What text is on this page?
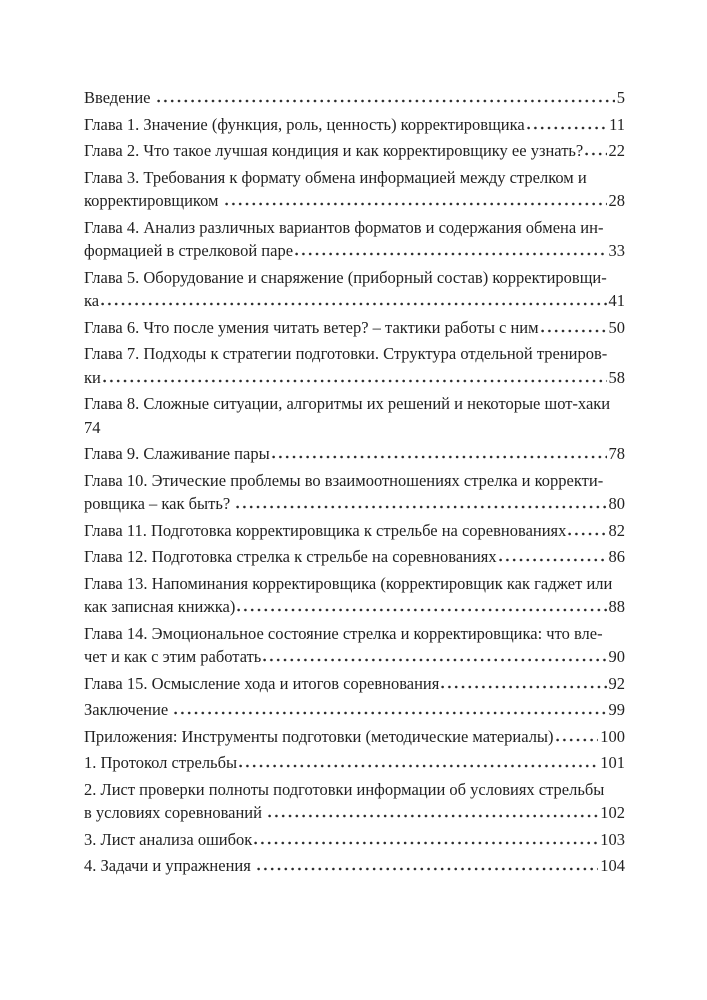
Введение	5
Глава 1. Значение (функция, роль, ценность) корректировщика	11
Глава 2. Что такое лучшая кондиция и как корректировщику ее узнать? 22
Глава 3. Требования к формату обмена информацией между стрелком и
корректировщиком	28
Глава 4. Анализ различных вариантов форматов и содержания обмена ин-
формацией в стрелковой паре	33
Глава 5. Оборудование и снаряжение (приборный состав) корректировщи-
ка	41
Глава 6. Что после умения читать ветер? – тактики работы с ним	50
Глава 7. Подходы к стратегии подготовки. Структура отдельной трениров-
ки	58
Глава 8. Сложные ситуации, алгоритмы их решений и некоторые шот-хаки
74
Глава 9. Слаживание пары	78
Глава 10. Этические проблемы во взаимоотношениях стрелка и корректи-
ровщика – как быть?	80
Глава 11. Подготовка корректировщика к стрельбе на соревнованиях	82
Глава 12. Подготовка стрелка к стрельбе на соревнованиях	86
Глава 13. Напоминания корректировщика (корректировщик как гаджет или
как записная книжка)	88
Глава 14. Эмоциональное состояние стрелка и корректировщика: что вле-
чет и как с этим работать	90
Глава 15. Осмысление хода и итогов соревнования	92
Заключение	99
Приложения: Инструменты подготовки (методические материалы)	100
1. Протокол стрельбы	101
2. Лист проверки полноты подготовки информации об условиях стрельбы
в условиях соревнований	102
3. Лист анализа ошибок	103
4. Задачи и упражнения	104
